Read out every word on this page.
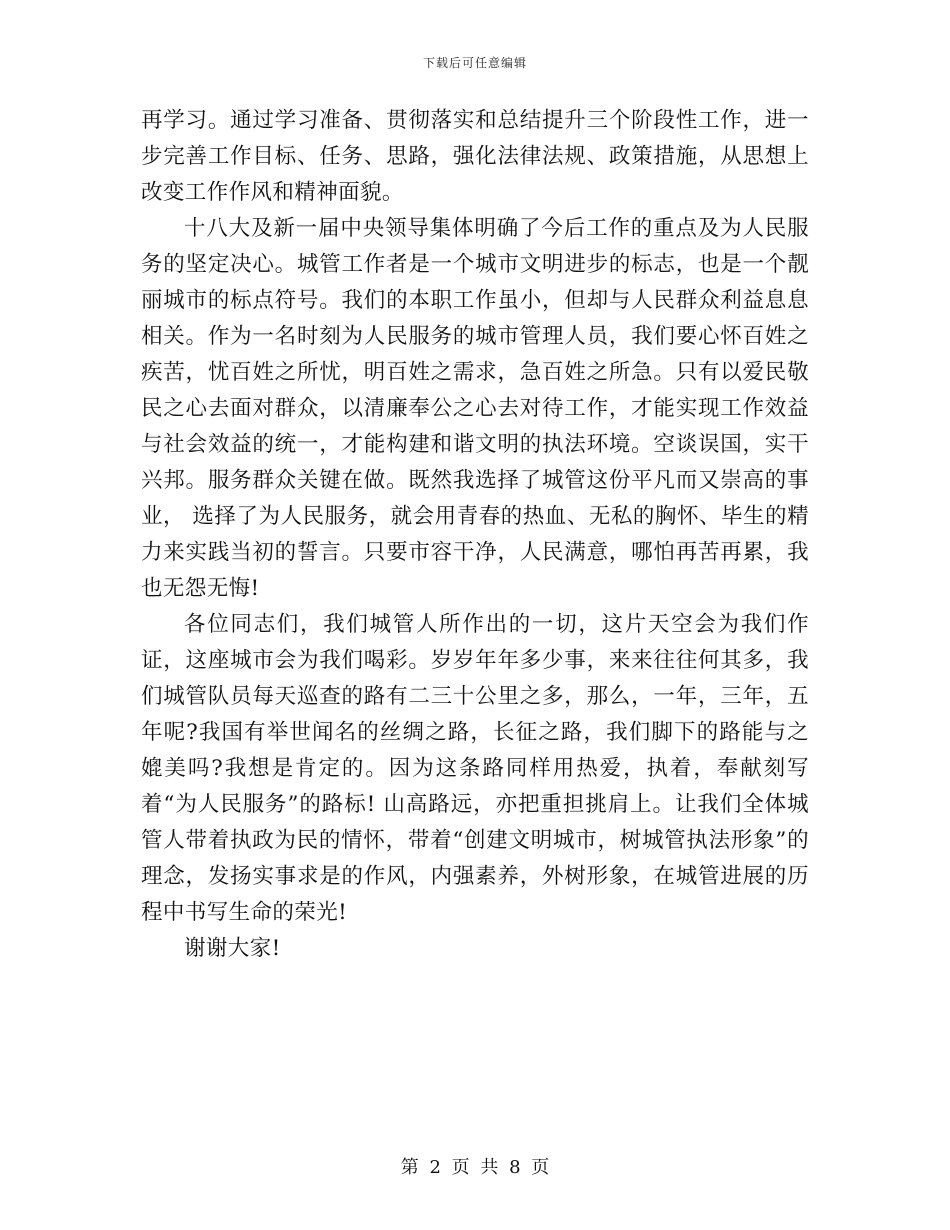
下载后可任意编辑

再学习。通过学习准备、贯彻落实和总结提升三个阶段性工作，进一步完善工作目标、任务、思路，强化法律法规、政策措施，从思想上改变工作作风和精神面貌。

十八大及新一届中央领导集体明确了今后工作的重点及为人民服务的坚定决心。城管工作者是一个城市文明进步的标志，也是一个靓丽城市的标点符号。我们的本职工作虽小，但却与人民群众利益息息相关。作为一名时刻为人民服务的城市管理人员，我们要心怀百姓之疾苦，忧百姓之所忧，明百姓之需求，急百姓之所急。只有以爱民敬民之心去面对群众，以清廉奉公之心去对待工作，才能实现工作效益与社会效益的统一，才能构建和谐文明的执法环境。空谈误国，实干兴邦。服务群众关键在做。既然我选择了城管这份平凡而又崇高的事业， 选择了为人民服务，就会用青春的热血、无私的胸怀、毕生的精力来实践当初的誓言。只要市容干净，人民满意，哪怕再苦再累，我也无怨无悔!

各位同志们，我们城管人所作出的一切，这片天空会为我们作证，这座城市会为我们喝彩。岁岁年年多少事，来来往往何其多，我们城管队员每天巡查的路有二三十公里之多，那么，一年，三年，五年呢?我国有举世闻名的丝绸之路，长征之路，我们脚下的路能与之媲美吗?我想是肯定的。因为这条路同样用热爱，执着，奉献刻写着“为人民服务”的路标! 山高路远，亦把重担挑肩上。让我们全体城管人带着执政为民的情怀，带着“创建文明城市，树城管执法形象”的理念，发扬实事求是的作风，内强素养，外树形象，在城管进展的历程中书写生命的荣光!

谢谢大家!

第 2 页 共 8 页
